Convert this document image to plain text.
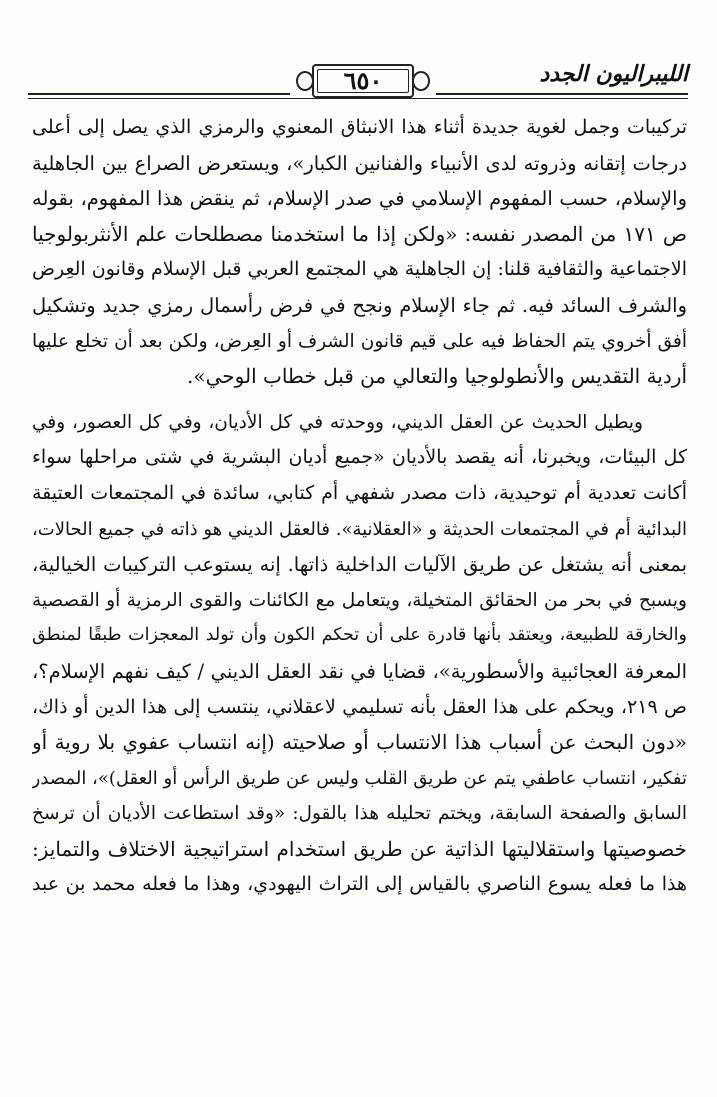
٦٥٠	الليبراليون الجدد
تركيبات وجمل لغوية جديدة أثناء هذا الانبثاق المعنوي والرمزي الذي يصل إلى أعلى
درجات إتقانه وذروته لدى الأنبياء والفنانين الكبار»، ويستعرض الصراع بين الجاهلية
والإسلام، حسب المفهوم الإسلامي في صدر الإسلام، ثم ينقض هذا المفهوم، بقوله
ص ١٧١ من المصدر نفسه: «ولكن إذا ما استخدمنا مصطلحات علم الأنثربولوجيا
الاجتماعية والثقافية قلنا: إن الجاهلية هي المجتمع العربي قبل الإسلام وقانون العِرض
والشرف السائد فيه. ثم جاء الإسلام ونجح في فرض رأسمال رمزي جديد وتشكيل
أفق أخروي يتم الحفاظ فيه على قيم قانون الشرف أو العِرض، ولكن بعد أن تخلع عليها
أردية التقديس والأنطولوجيا والتعالي من قبل خطاب الوحي».
ويطيل الحديث عن العقل الديني، ووحدته في كل الأديان، وفي كل العصور، وفي
كل البيئات، ويخبرنا، أنه يقصد بالأديان «جميع أديان البشرية في شتى مراحلها سواء
أكانت تعددية أم توحيدية، ذات مصدر شفهي أم كتابي، سائدة في المجتمعات العتيقة
البدائية أم في المجتمعات الحديثة و «العقلانية». فالعقل الديني هو ذاته في جميع الحالات،
بمعنى أنه يشتغل عن طريق الآليات الداخلية ذاتها. إنه يستوعب التركيبات الخيالية،
ويسبح في بحر من الحقائق المتخيلة، ويتعامل مع الكائنات والقوى الرمزية أو القصصية
والخارقة للطبيعة، ويعتقد بأنها قادرة على أن تحكم الكون وأن تولد المعجزات طبقًا لمنطق
المعرفة العجائبية والأسطورية»، قضايا في نقد العقل الديني / كيف نفهم الإسلام؟،
ص ٢١٩، ويحكم على هذا العقل بأنه تسليمي لاعقلاني، ينتسب إلى هذا الدين أو ذاك،
«دون البحث عن أسباب هذا الانتساب أو صلاحيته (إنه انتساب عفوي بلا روية أو
تفكير، انتساب عاطفي يتم عن طريق القلب وليس عن طريق الرأس أو العقل)»، المصدر
السابق والصفحة السابقة، ويختم تحليله هذا بالقول: «وقد استطاعت الأديان أن ترسخ
خصوصيتها واستقلاليتها الذاتية عن طريق استخدام استراتيجية الاختلاف والتمايز:
هذا ما فعله يسوع الناصري بالقياس إلى التراث اليهودي، وهذا ما فعله محمد بن عبد
